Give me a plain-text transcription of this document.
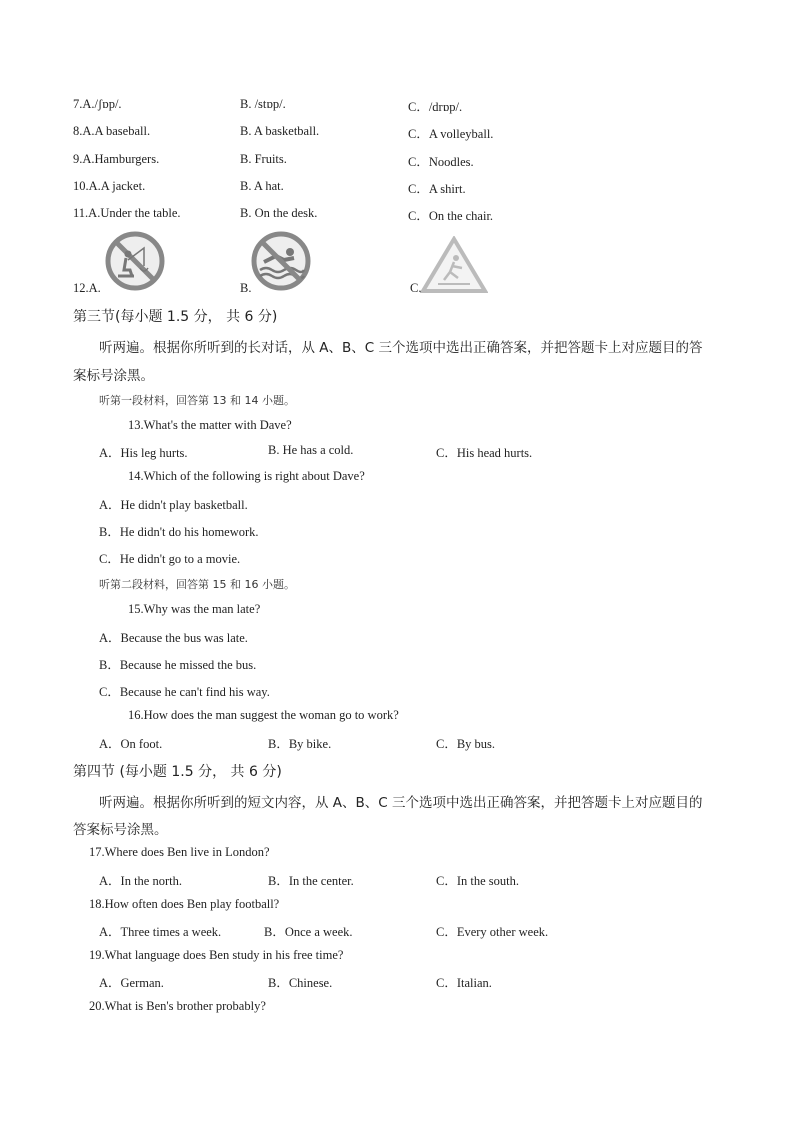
7.A./ʃɒp/.	B. /stɒp/.	C．/drɒp/.
8.A.A baseball.	B. A basketball.	C．A volleyball.
9.A.Hamburgers.	B. Fruits.	C．Noodles.
10.A.A jacket.	B. A hat.	C．A shirt.
11.A.Under the table.	B. On the desk.	C．On the chair.
12.A.	B.	C.
第三节(每小题 1.5 分， 共 6 分)
听两遍。根据你所听到的长对话，从 A、B、C 三个选项中选出正确答案，并把答题卡上对应题目的答
案标号涂黑。
听第一段材料，回答第 13 和 14 小题。
13.What's the matter with Dave?
A．His leg hurts.	B. He has a cold.	C．His head hurts.
14.Which of the following is right about Dave?
A．He didn't play basketball.
B．He didn't do his homework.
C．He didn't go to a movie.
听第二段材料，回答第 15 和 16 小题。
15.Why was the man late?
A．Because the bus was late.
B．Because he missed the bus.
C．Because he can't find his way.
16.How does the man suggest the woman go to work?
A．On foot.	B．By bike.	C．By bus.
第四节 (每小题 1.5 分， 共 6 分)
听两遍。根据你所听到的短文内容，从 A、B、C 三个选项中选出正确答案，并把答题卡上对应题目的
答案标号涂黑。
17.Where does Ben live in London?
A．In the north.	B．In the center.	C．In the south.
18.How often does Ben play football?
A．Three times a week.	B．Once a week.	C．Every other week.
19.What language does Ben study in his free time?
A．German.	B．Chinese.	C．Italian.
20.What is Ben's brother probably?
